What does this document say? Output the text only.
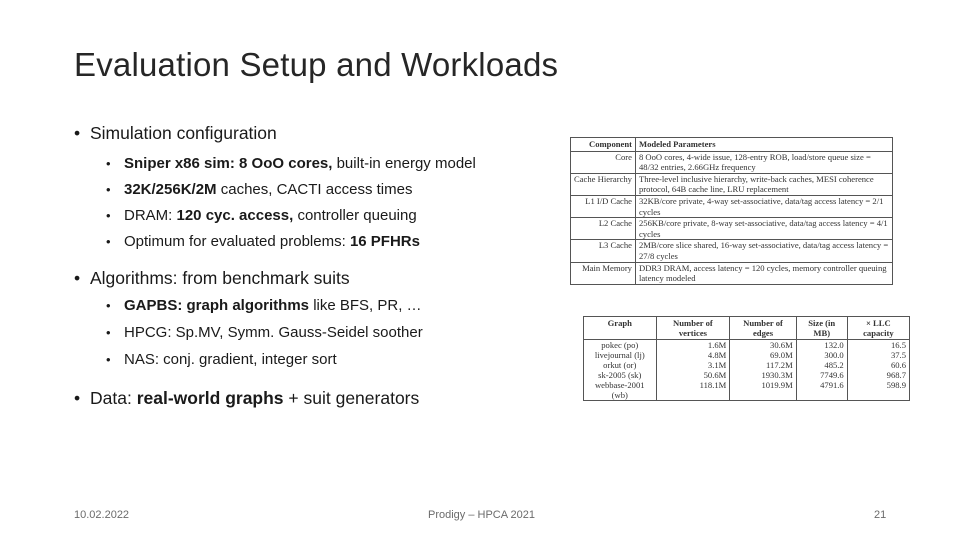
Evaluation Setup and Workloads
• Simulation configuration
• Sniper x86 sim: 8 OoO cores, built-in energy model
• 32K/256K/2M caches, CACTI access times
• DRAM: 120 cyc. access, controller queuing
• Optimum for evaluated problems: 16 PFHRs
• Algorithms: from benchmark suits
• GAPBS: graph algorithms like BFS, PR, …
• HPCG: Sp.MV, Symm. Gauss-Seidel soother
• NAS: conj. gradient, integer sort
• Data: real-world graphs + suit generators
Component	Modeled Parameters
Core	8 OoO cores, 4-wide issue, 128-entry ROB, load/store queue size = 48/32 entries, 2.66GHz frequency
Cache Hierarchy	Three-level inclusive hierarchy, write-back caches, MESI coherence protocol, 64B cache line, LRU replacement
L1 I/D Cache	32KB/core private, 4-way set-associative, data/tag access latency = 2/1 cycles
L2 Cache	256KB/core private, 8-way set-associative, data/tag access latency = 4/1 cycles
L3 Cache	2MB/core slice shared, 16-way set-associative, data/tag access latency = 27/8 cycles
Main Memory	DDR3 DRAM, access latency = 120 cycles, memory controller queuing latency modeled
Graph	Number of vertices	Number of edges	Size (in MB)	× LLC capacity
pokec (po)	1.6M	30.6M	132.0	16.5
livejournal (lj)	4.8M	69.0M	300.0	37.5
orkut (or)	3.1M	117.2M	485.2	60.6
sk-2005 (sk)	50.6M	1930.3M	7749.6	968.7
webbase-2001 (wb)	118.1M	1019.9M	4791.6	598.9
10.02.2022	Prodigy – HPCA 2021	21
